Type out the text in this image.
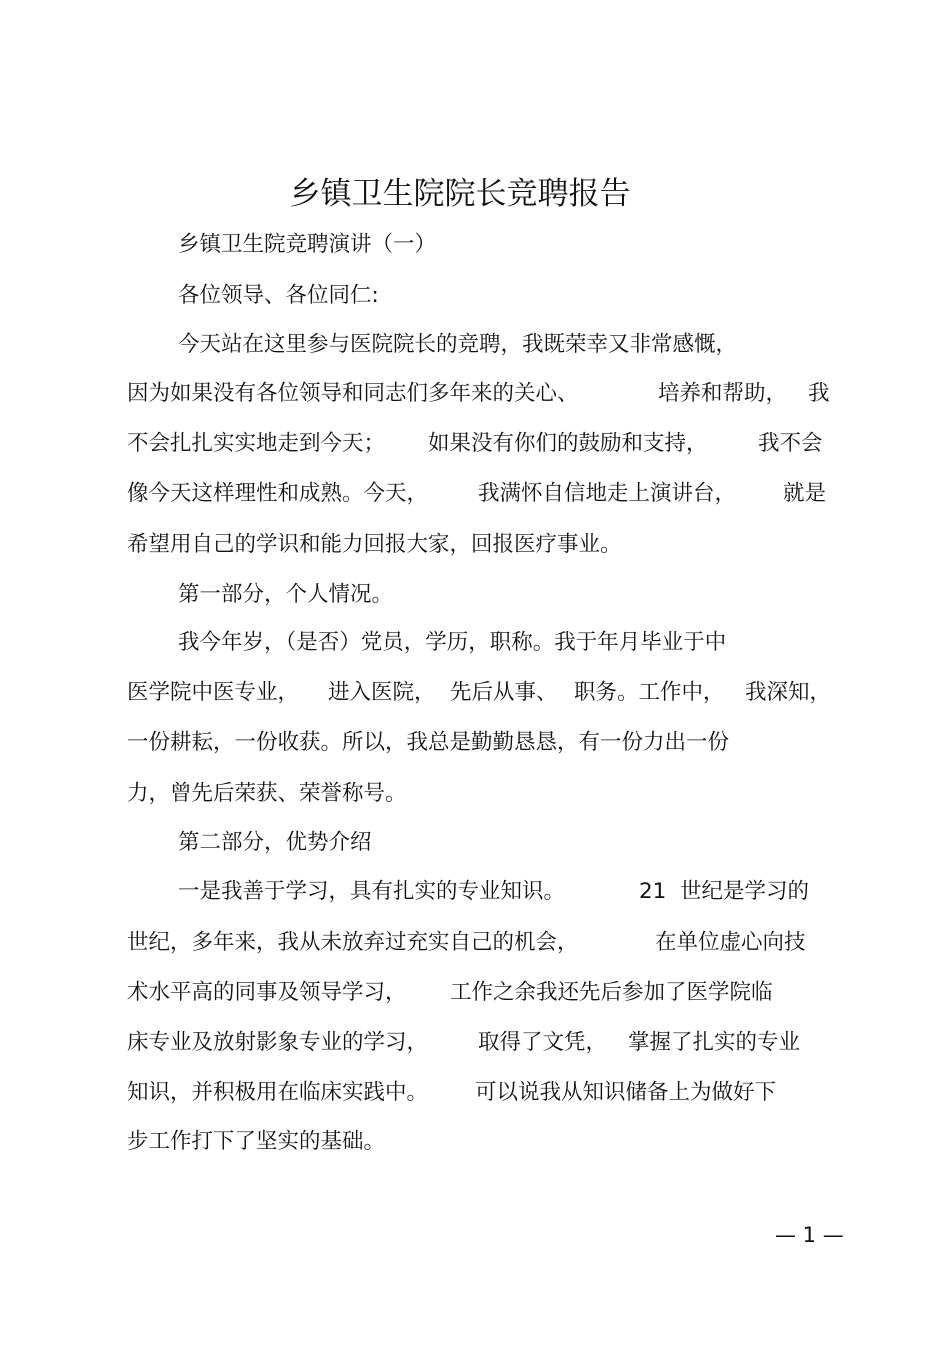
乡镇卫生院院长竞聘报告
乡镇卫生院竞聘演讲（一）
各位领导、各位同仁:
今天站在这里参与医院院长的竞聘，我既荣幸又非常感慨，
因为如果没有各位领导和同志们多年来的关心、	培养和帮助， 我
不会扎扎实实地走到今天； 如果没有你们的鼓励和支持， 我不会
像今天这样理性和成熟。今天， 我满怀自信地走上演讲台， 就是
希望用自己的学识和能力回报大家，回报医疗事业。
第一部分，个人情况。
我今年岁，（是否）党员，学历，职称。我于年月毕业于中
医学院中医专业， 进入医院， 先后从事、 职务。工作中， 我深知，
一份耕耘，一份收获。所以，我总是勤勤恳恳，有一份力出一份
力，曾先后荣获、荣誉称号。
第二部分，优势介绍
一是我善于学习，具有扎实的专业知识。	21 世纪是学习的
世纪，多年来，我从未放弃过充实自己的机会，	在单位虚心向技
术水平高的同事及领导学习， 工作之余我还先后参加了医学院临
床专业及放射影象专业的学习， 取得了文凭， 掌握了扎实的专业
知识，并积极用在临床实践中。 可以说我从知识储备上为做好下
步工作打下了坚实的基础。
— 1 —
